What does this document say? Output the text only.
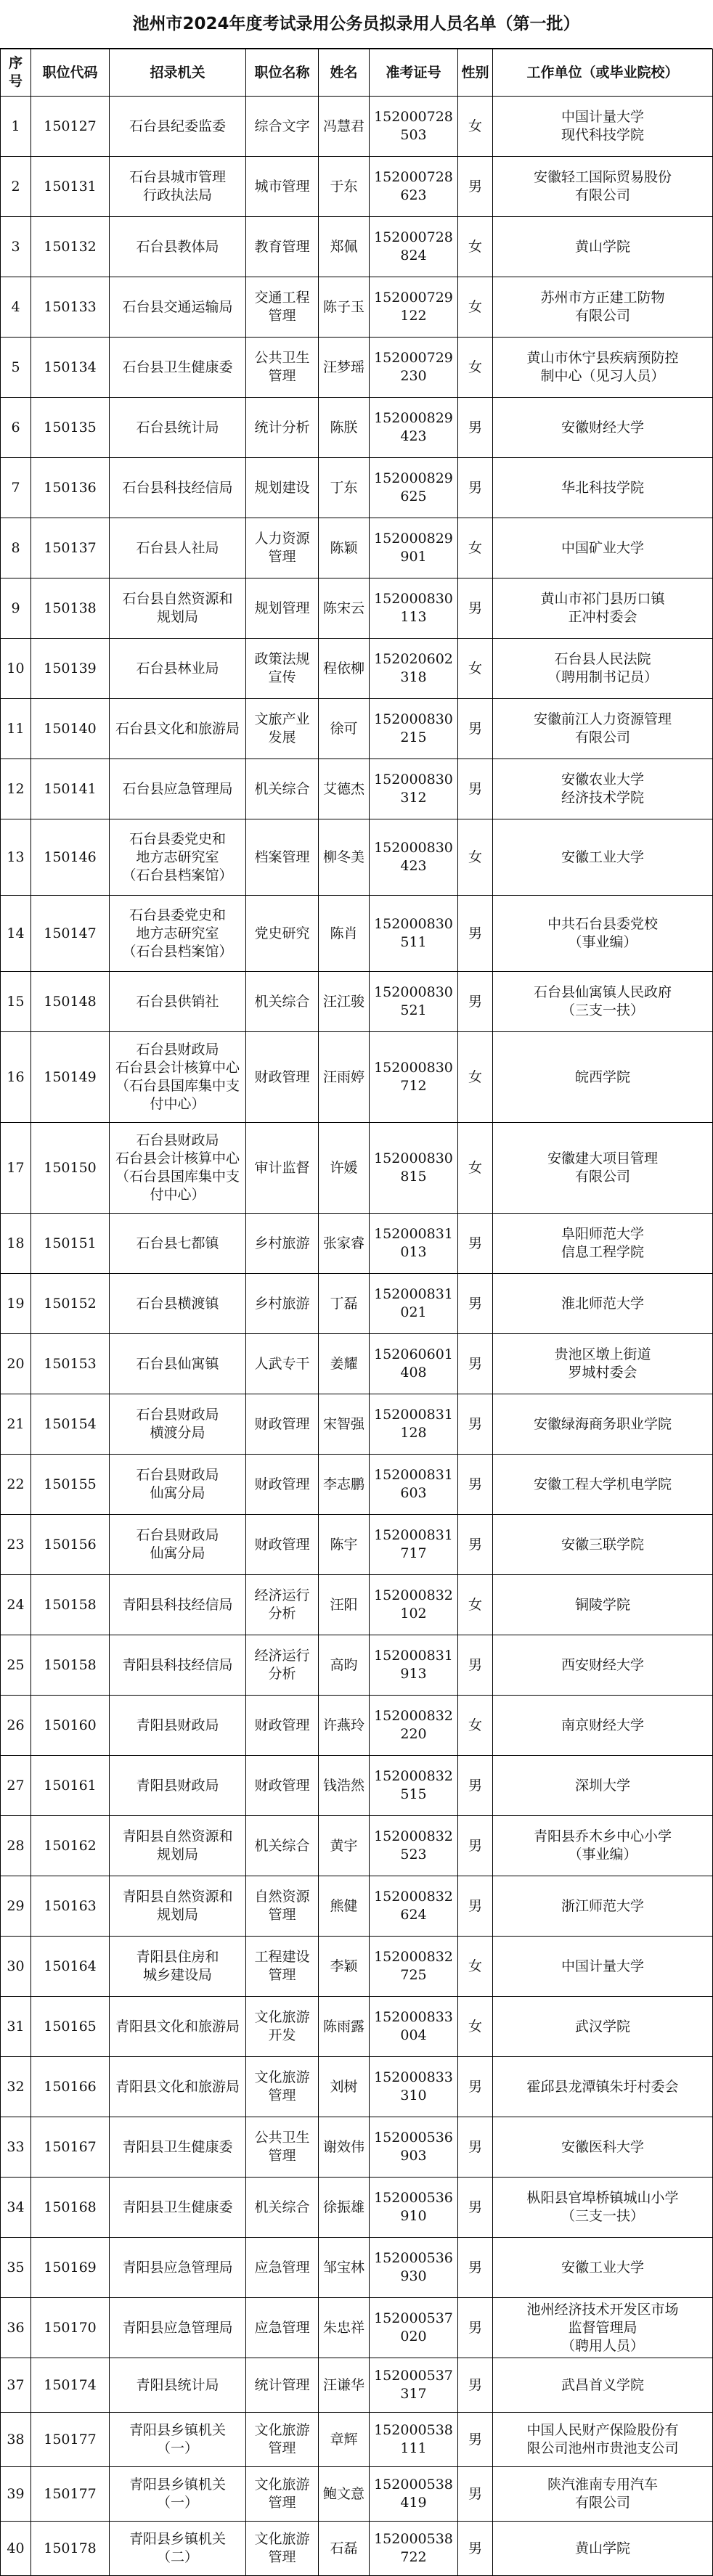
池州市2024年度考试录用公务员拟录用人员名单（第一批）
序号	职位代码	招录机关	职位名称	姓名	准考证号	性别	工作单位（或毕业院校）
1	150127	石台县纪委监委	综合文字	冯慧君	152000728503	女	中国计量大学
现代科技学院
2	150131	石台县城市管理
行政执法局	城市管理	于东	152000728623	男	安徽轻工国际贸易股份
有限公司
3	150132	石台县教体局	教育管理	郑佩	152000728824	女	黄山学院
4	150133	石台县交通运输局	交通工程管理	陈子玉	152000729122	女	苏州市方正建工防物
有限公司
5	150134	石台县卫生健康委	公共卫生管理	汪梦瑶	152000729230	女	黄山市休宁县疾病预防控
制中心（见习人员）
6	150135	石台县统计局	统计分析	陈朕	152000829423	男	安徽财经大学
7	150136	石台县科技经信局	规划建设	丁东	152000829625	男	华北科技学院
8	150137	石台县人社局	人力资源管理	陈颖	152000829901	女	中国矿业大学
9	150138	石台县自然资源和
规划局	规划管理	陈宋云	152000830113	男	黄山市祁门县历口镇
正冲村委会
10	150139	石台县林业局	政策法规宣传	程依柳	152020602318	女	石台县人民法院
（聘用制书记员）
11	150140	石台县文化和旅游局	文旅产业发展	徐可	152000830215	男	安徽前江人力资源管理
有限公司
12	150141	石台县应急管理局	机关综合	艾德杰	152000830312	男	安徽农业大学
经济技术学院
13	150146	石台县委党史和
地方志研究室
（石台县档案馆）	档案管理	柳冬美	152000830423	女	安徽工业大学
14	150147	石台县委党史和
地方志研究室
（石台县档案馆）	党史研究	陈肖	152000830511	男	中共石台县委党校
（事业编）
15	150148	石台县供销社	机关综合	汪江骏	152000830521	男	石台县仙寓镇人民政府
（三支一扶）
16	150149	石台县财政局
石台县会计核算中心
（石台县国库集中支
付中心）	财政管理	汪雨婷	152000830712	女	皖西学院
17	150150	石台县财政局
石台县会计核算中心
（石台县国库集中支
付中心）	审计监督	许媛	152000830815	女	安徽建大项目管理
有限公司
18	150151	石台县七都镇	乡村旅游	张家睿	152000831013	男	阜阳师范大学
信息工程学院
19	150152	石台县横渡镇	乡村旅游	丁磊	152000831021	男	淮北师范大学
20	150153	石台县仙寓镇	人武专干	姜耀	152060601408	男	贵池区墩上街道
罗城村委会
21	150154	石台县财政局
横渡分局	财政管理	宋智强	152000831128	男	安徽绿海商务职业学院
22	150155	石台县财政局
仙寓分局	财政管理	李志鹏	152000831603	男	安徽工程大学机电学院
23	150156	石台县财政局
仙寓分局	财政管理	陈宇	152000831717	男	安徽三联学院
24	150158	青阳县科技经信局	经济运行分析	汪阳	152000832102	女	铜陵学院
25	150158	青阳县科技经信局	经济运行分析	高昀	152000831913	男	西安财经大学
26	150160	青阳县财政局	财政管理	许燕玲	152000832220	女	南京财经大学
27	150161	青阳县财政局	财政管理	钱浩然	152000832515	男	深圳大学
28	150162	青阳县自然资源和
规划局	机关综合	黄宇	152000832523	男	青阳县乔木乡中心小学
（事业编）
29	150163	青阳县自然资源和
规划局	自然资源管理	熊健	152000832624	男	浙江师范大学
30	150164	青阳县住房和
城乡建设局	工程建设管理	李颖	152000832725	女	中国计量大学
31	150165	青阳县文化和旅游局	文化旅游开发	陈雨露	152000833004	女	武汉学院
32	150166	青阳县文化和旅游局	文化旅游管理	刘树	152000833310	男	霍邱县龙潭镇朱圩村委会
33	150167	青阳县卫生健康委	公共卫生管理	谢效伟	152000536903	男	安徽医科大学
34	150168	青阳县卫生健康委	机关综合	徐振雄	152000536910	男	枞阳县官埠桥镇城山小学
（三支一扶）
35	150169	青阳县应急管理局	应急管理	邹宝林	152000536930	男	安徽工业大学
36	150170	青阳县应急管理局	应急管理	朱忠祥	152000537020	男	池州经济技术开发区市场
监督管理局
（聘用人员）
37	150174	青阳县统计局	统计管理	汪谦华	152000537317	男	武昌首义学院
38	150177	青阳县乡镇机关
（一）	文化旅游管理	章辉	152000538111	男	中国人民财产保险股份有
限公司池州市贵池支公司
39	150177	青阳县乡镇机关
（一）	文化旅游管理	鲍文意	152000538419	男	陕汽淮南专用汽车
有限公司
40	150178	青阳县乡镇机关
（二）	文化旅游管理	石磊	152000538722	男	黄山学院
